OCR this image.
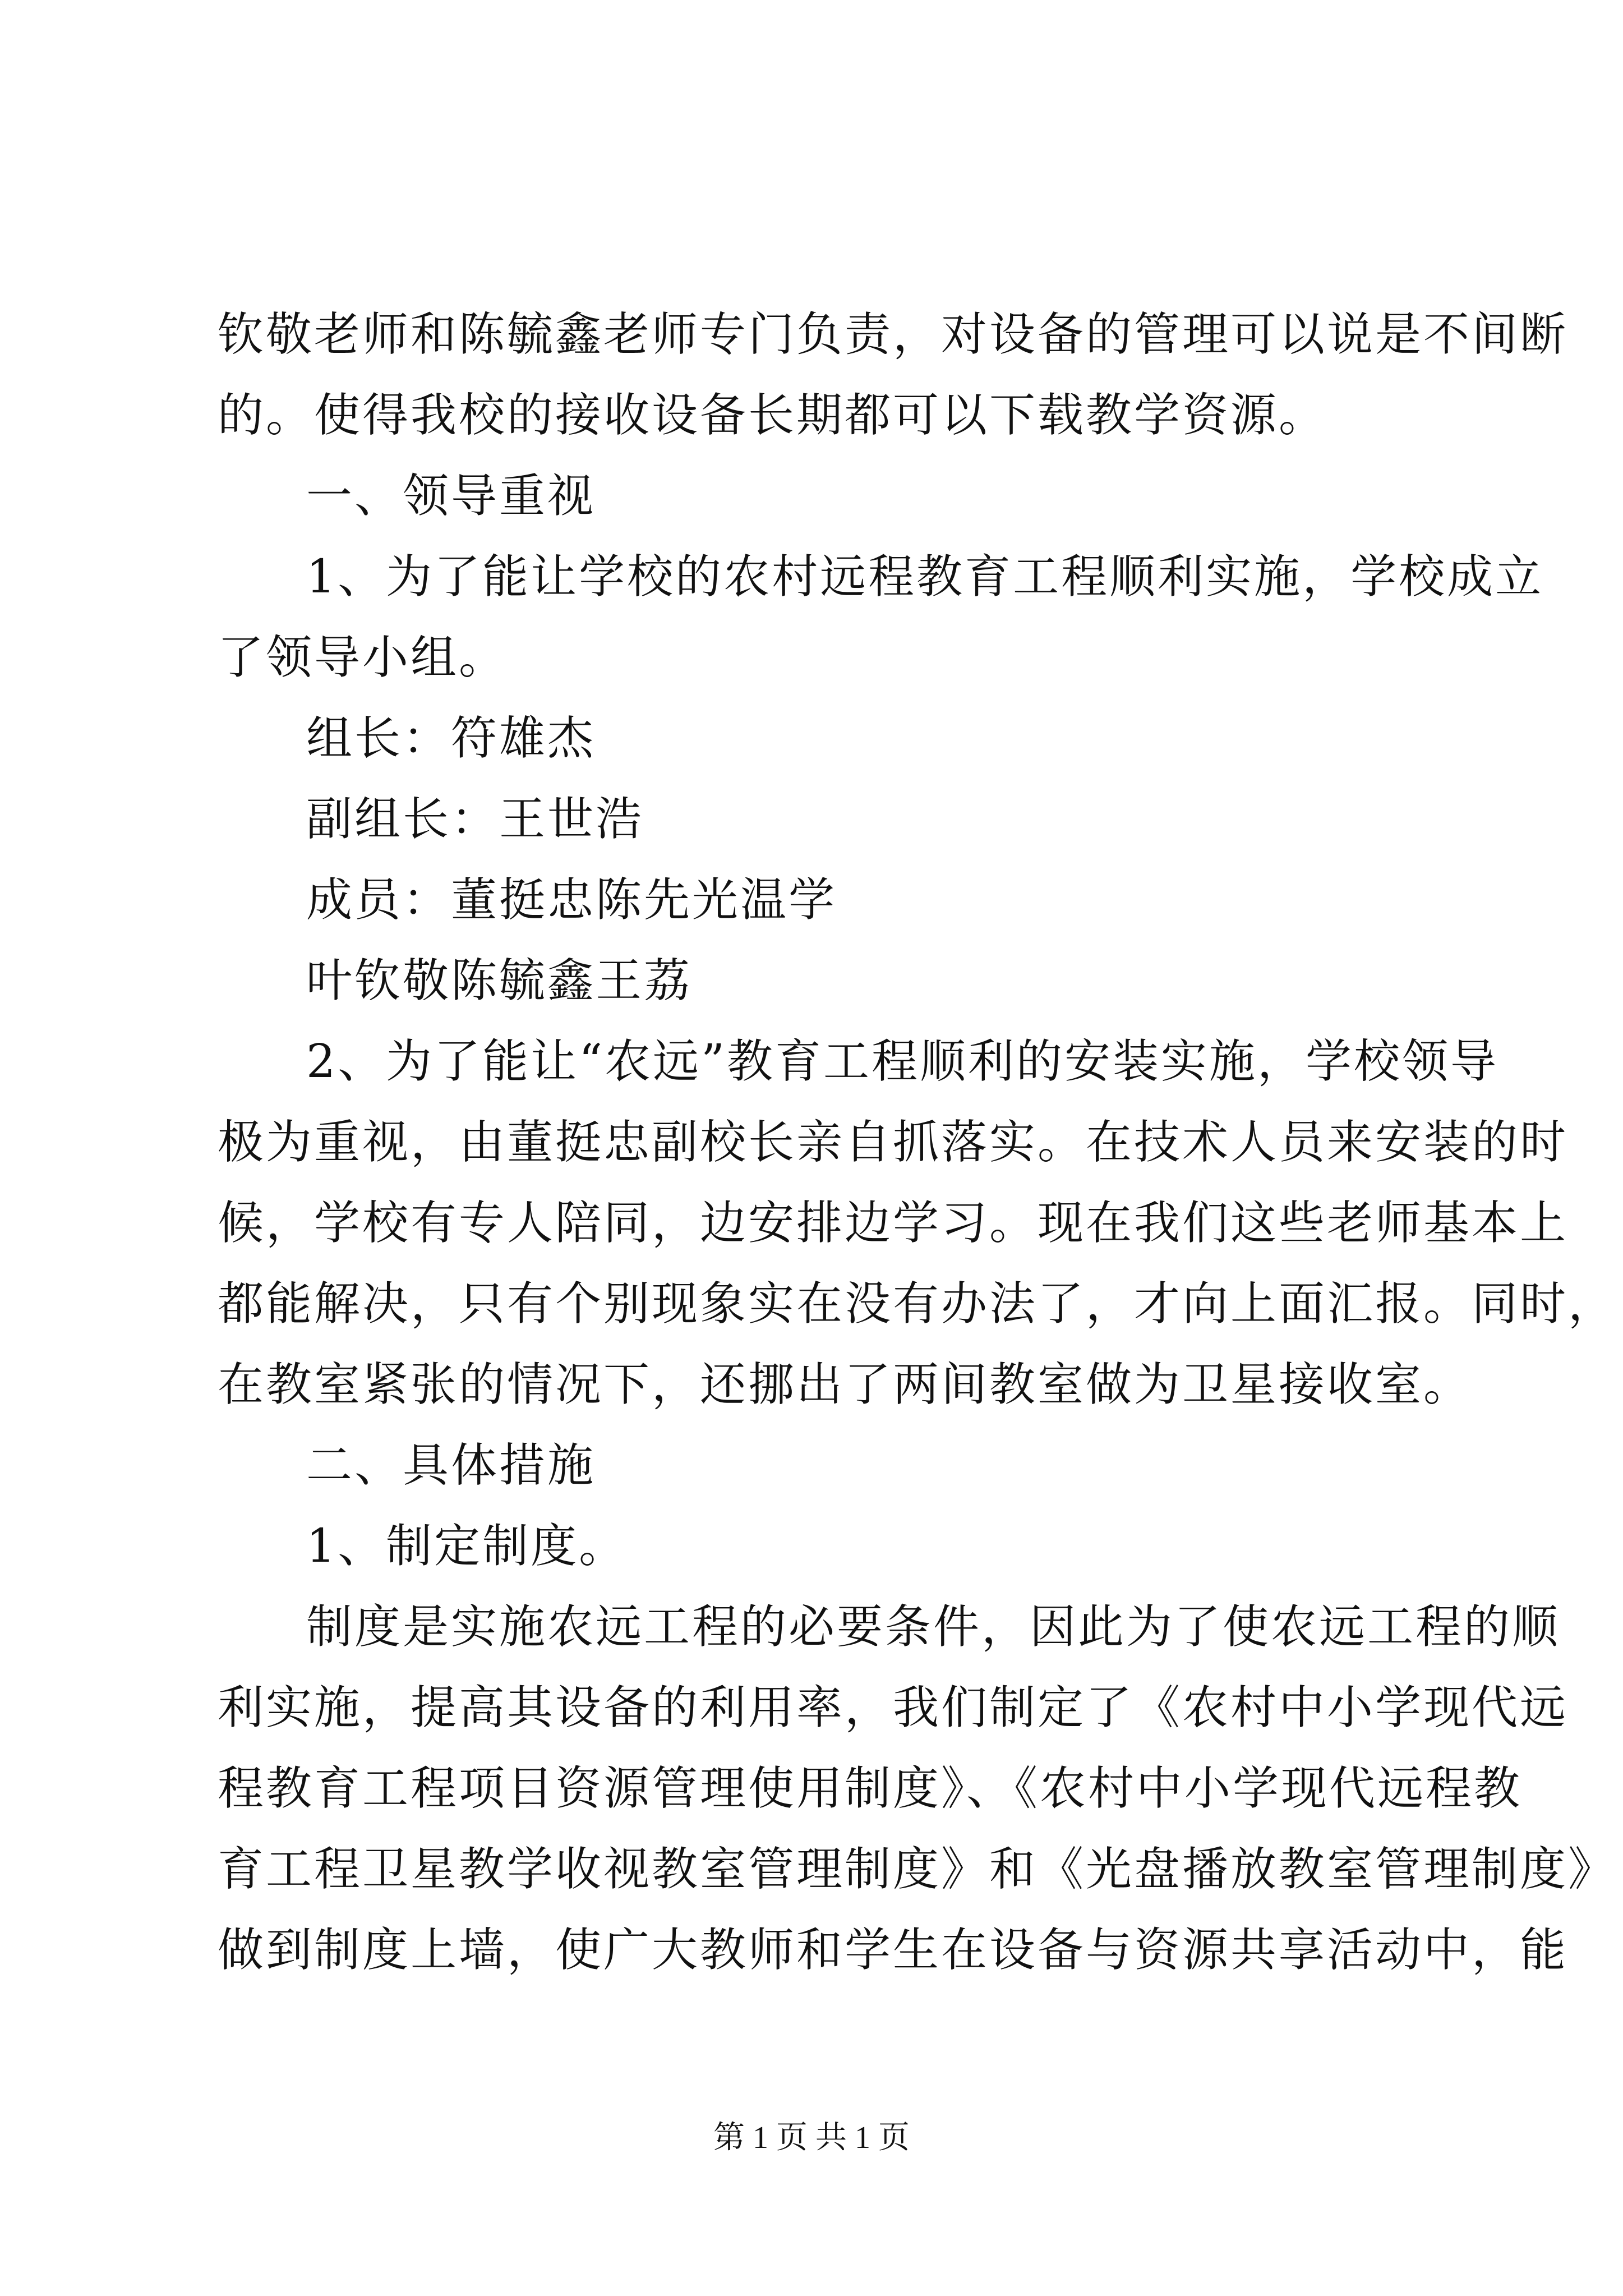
钦敬老师和陈毓鑫老师专门负责，对设备的管理可以说是不间断
的。使得我校的接收设备长期都可以下载教学资源。
一、领导重视
1、为了能让学校的农村远程教育工程顺利实施，学校成立
了领导小组。
组长：符雄杰
副组长：王世浩
成员：董挺忠陈先光温学
叶钦敬陈毓鑫王荔
2、为了能让“农远”教育工程顺利的安装实施，学校领导
极为重视，由董挺忠副校长亲自抓落实。在技术人员来安装的时
候，学校有专人陪同，边安排边学习。现在我们这些老师基本上
都能解决，只有个别现象实在没有办法了，才向上面汇报。同时，
在教室紧张的情况下，还挪出了两间教室做为卫星接收室。
二、具体措施
1、制定制度。
制度是实施农远工程的必要条件，因此为了使农远工程的顺
利实施，提高其设备的利用率，我们制定了《农村中小学现代远
程教育工程项目资源管理使用制度》、《农村中小学现代远程教
育工程卫星教学收视教室管理制度》和《光盘播放教室管理制度》
做到制度上墙，使广大教师和学生在设备与资源共享活动中，能
第 1 页 共 1 页
